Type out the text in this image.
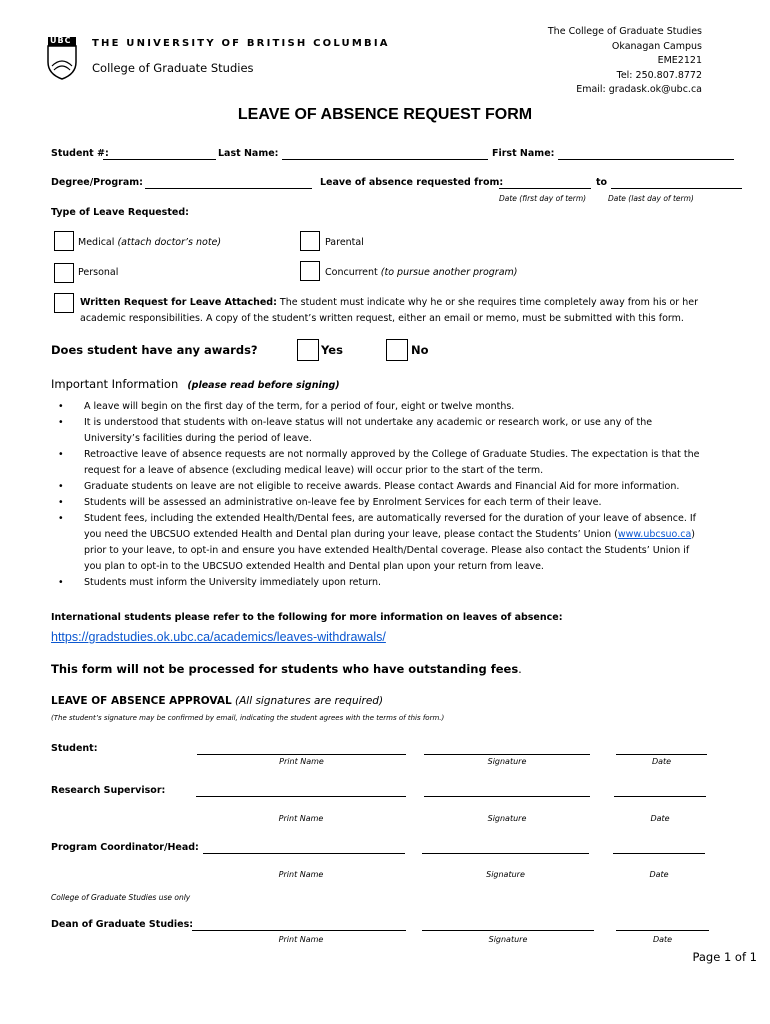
UBC THE UNIVERSITY OF BRITISH COLUMBIA
College of Graduate Studies
The College of Graduate Studies
Okanagan Campus
EME2121
Tel: 250.807.8772
Email: gradask.ok@ubc.ca
LEAVE OF ABSENCE REQUEST FORM
Student #:	Last Name:	First Name:
Degree/Program:	Leave of absence requested from:	to
Date (first day of term)	Date (last day of term)
Type of Leave Requested:
Medical (attach doctor’s note)	Parental
Personal	Concurrent (to pursue another program)
Written Request for Leave Attached: The student must indicate why he or she requires time completely away from his or her
academic responsibilities. A copy of the student’s written request, either an email or memo, must be submitted with this form.
Does student have any awards?	Yes	No
Important Information (please read before signing)
•	A leave will begin on the first day of the term, for a period of four, eight or twelve months.
•	It is understood that students with on-leave status will not undertake any academic or research work, or use any of the
University’s facilities during the period of leave.
•	Retroactive leave of absence requests are not normally approved by the College of Graduate Studies. The expectation is that the
request for a leave of absence (excluding medical leave) will occur prior to the start of the term.
•	Graduate students on leave are not eligible to receive awards. Please contact Awards and Financial Aid for more information.
•	Students will be assessed an administrative on-leave fee by Enrolment Services for each term of their leave.
•	Student fees, including the extended Health/Dental fees, are automatically reversed for the duration of your leave of absence. If
you need the UBCSUO extended Health and Dental plan during your leave, please contact the Students’ Union (www.ubcsuo.ca)
prior to your leave, to opt-in and ensure you have extended Health/Dental coverage. Please also contact the Students’ Union if
you plan to opt-in to the UBCSUO extended Health and Dental plan upon your return from leave.
•	Students must inform the University immediately upon return.
International students please refer to the following for more information on leaves of absence:
https://gradstudies.ok.ubc.ca/academics/leaves-withdrawals/
This form will not be processed for students who have outstanding fees.
LEAVE OF ABSENCE APPROVAL (All signatures are required)
(The student’s signature may be confirmed by email, indicating the student agrees with the terms of this form.)
Student:
Print Name	Signature	Date
Research Supervisor:
Print Name	Signature	Date
Program Coordinator/Head:
Print Name	Signature	Date
College of Graduate Studies use only
Dean of Graduate Studies:
Print Name	Signature	Date
Page 1 of 1
